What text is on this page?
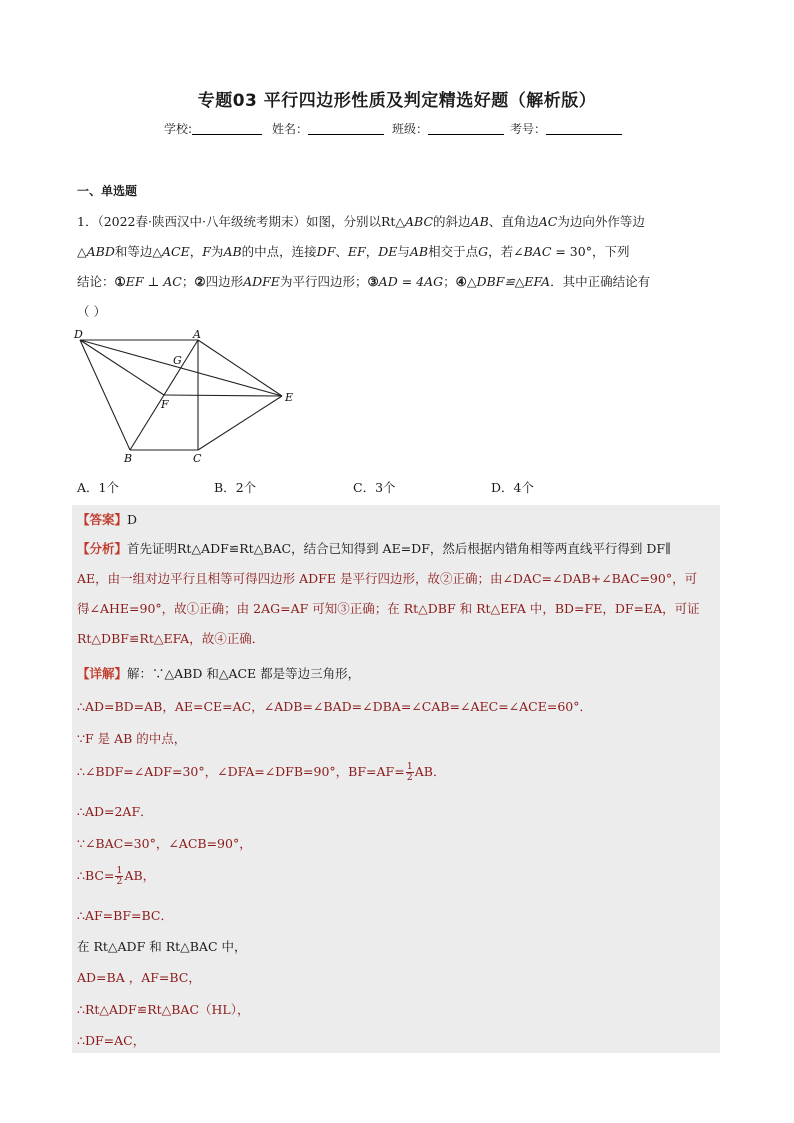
专题03 平行四边形性质及判定精选好题（解析版）
学校:	姓名：	班级：	考号：
一、单选题

1．（2022春·陕西汉中·八年级统考期末）如图，分别以Rt△ABC的斜边AB、直角边AC为边向外作等边

△ABD和等边△ACE，F为AB的中点，连接DF、EF，DE与AB相交于点G，若∠BAC = 30°，下列

结论：①EF ⊥ AC；②四边形ADFE为平行四边形；③AD = 4AG；④△DBF≌△EFA．其中正确结论有

（ ）

D	A
G
F
E
B	C
A．1个	B．2个	C．3个	D．4个
【答案】D

【分析】首先证明Rt△ADF≌Rt△BAC，结合已知得到 AE=DF，然后根据内错角相等两直线平行得到 DF∥

AE，由一组对边平行且相等可得四边形 ADFE 是平行四边形，故②正确；由∠DAC=∠DAB+∠BAC=90°，可

得∠AHE=90°，故①正确；由 2AG=AF 可知③正确；在 Rt△DBF 和 Rt△EFA 中，BD=FE，DF=EA，可证

Rt△DBF≌Rt△EFA，故④正确．

【详解】解：∵△ABD 和△ACE 都是等边三角形，
∴AD=BD=AB，AE=CE=AC，∠ADB=∠BAD=∠DBA=∠CAB=∠AEC=∠ACE=60°．
∵F 是 AB 的中点，
∴∠BDF=∠ADF=30°，∠DFA=∠DFB=90°，$BF=AF= \frac{1}{2}$ AB．
∴AD=2AF．
∵∠BAC=30°，∠ACB=90°，
∴BC= $\frac{1}{2}$ AB，
∴AF=BF=BC．
在 Rt△ADF 和 Rt△BAC 中，
AD=BA ，AF=BC，
∴Rt△ADF≌Rt△BAC（HL），
∴DF=AC，
